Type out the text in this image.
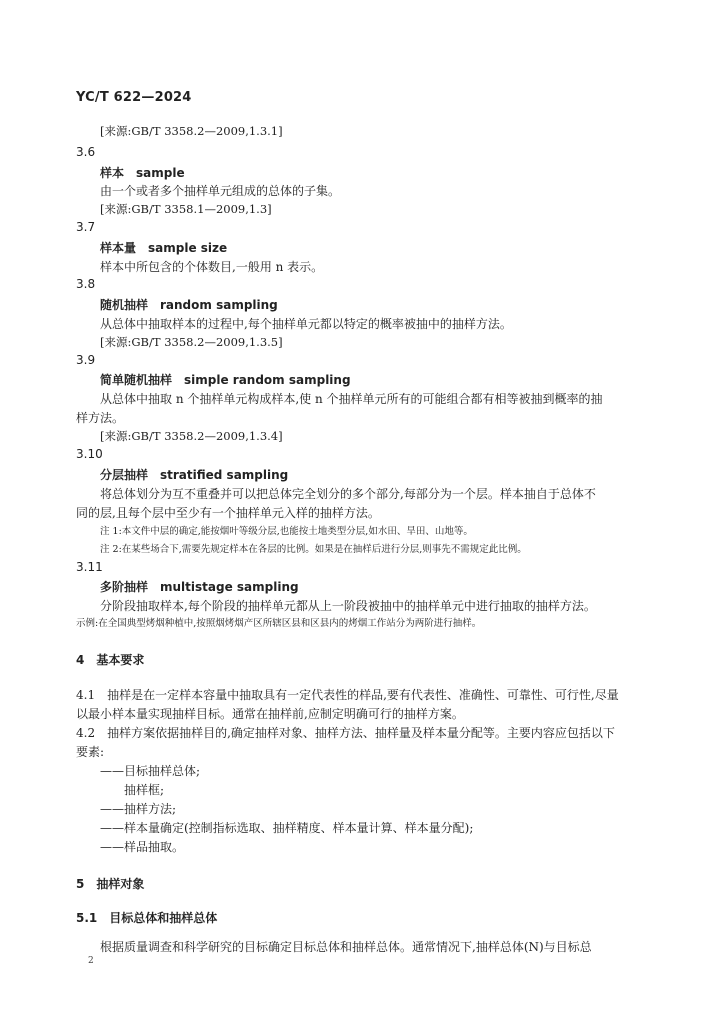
YC/T 622—2024
[来源:GB/T 3358.2—2009,1.3.1]
3.6
样本　sample
由一个或者多个抽样单元组成的总体的子集。
[来源:GB/T 3358.1—2009,1.3]
3.7
样本量　sample size
样本中所包含的个体数目,一般用 n 表示。
3.8
随机抽样　random sampling
从总体中抽取样本的过程中,每个抽样单元都以特定的概率被抽中的抽样方法。
[来源:GB/T 3358.2—2009,1.3.5]
3.9
简单随机抽样　simple random sampling
从总体中抽取 n 个抽样单元构成样本,使 n 个抽样单元所有的可能组合都有相等被抽到概率的抽
样方法。
[来源:GB/T 3358.2—2009,1.3.4]
3.10
分层抽样　stratified sampling
将总体划分为互不重叠并可以把总体完全划分的多个部分,每部分为一个层。样本抽自于总体不
同的层,且每个层中至少有一个抽样单元入样的抽样方法。
注 1:本文件中层的确定,能按烟叶等级分层,也能按土地类型分层,如水田、旱田、山地等。
注 2:在某些场合下,需要先规定样本在各层的比例。如果是在抽样后进行分层,则事先不需规定此比例。
3.11
多阶抽样　multistage sampling
分阶段抽取样本,每个阶段的抽样单元都从上一阶段被抽中的抽样单元中进行抽取的抽样方法。
示例:在全国典型烤烟种植中,按照烟烤烟产区所辖区县和区县内的烤烟工作站分为两阶进行抽样。
4　基本要求
4.1　抽样是在一定样本容量中抽取具有一定代表性的样品,要有代表性、准确性、可靠性、可行性,尽量
以最小样本量实现抽样目标。通常在抽样前,应制定明确可行的抽样方案。
4.2　抽样方案依据抽样目的,确定抽样对象、抽样方法、抽样量及样本量分配等。主要内容应包括以下
要素:
——目标抽样总体;
抽样框;
——抽样方法;
——样本量确定(控制指标选取、抽样精度、样本量计算、样本量分配);
——样品抽取。
5　抽样对象
5.1　目标总体和抽样总体
根据质量调查和科学研究的目标确定目标总体和抽样总体。通常情况下,抽样总体(N)与目标总
2
